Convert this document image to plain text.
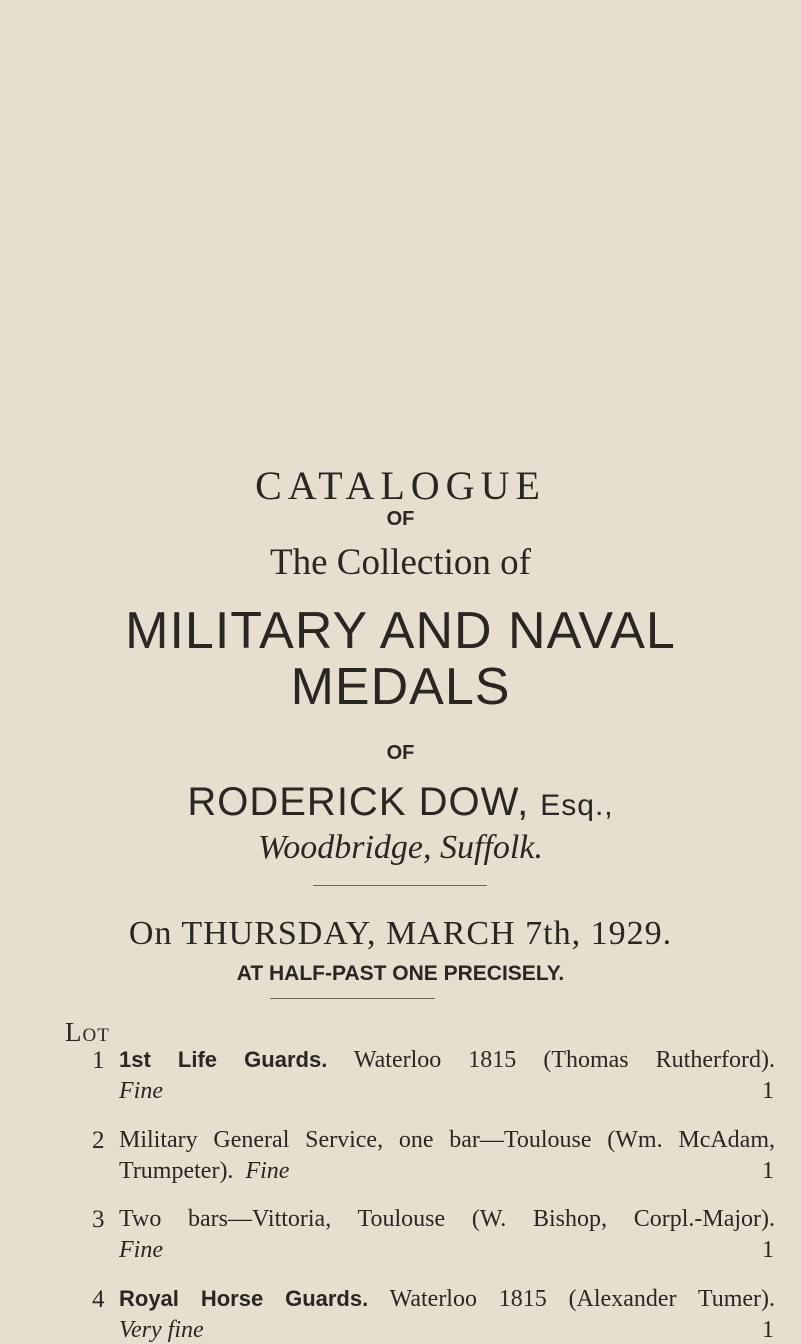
CATALOGUE
OF
The Collection of
MILITARY AND NAVAL
MEDALS
OF
RODERICK DOW, Esq.,
Woodbridge, Suffolk.
On THURSDAY, MARCH 7th, 1929.
AT HALF-PAST ONE PRECISELY.
Lot
1 1st Life Guards. Waterloo 1815 (Thomas Rutherford).
Fine	1
2 Military General Service, one bar—Toulouse (Wm. McAdam,
Trumpeter). Fine	1
3 Two bars—Vittoria, Toulouse (W. Bishop, Corpl.-Major).
Fine	1
4 Royal Horse Guards. Waterloo 1815 (Alexander Tumer).
Very fine	1
